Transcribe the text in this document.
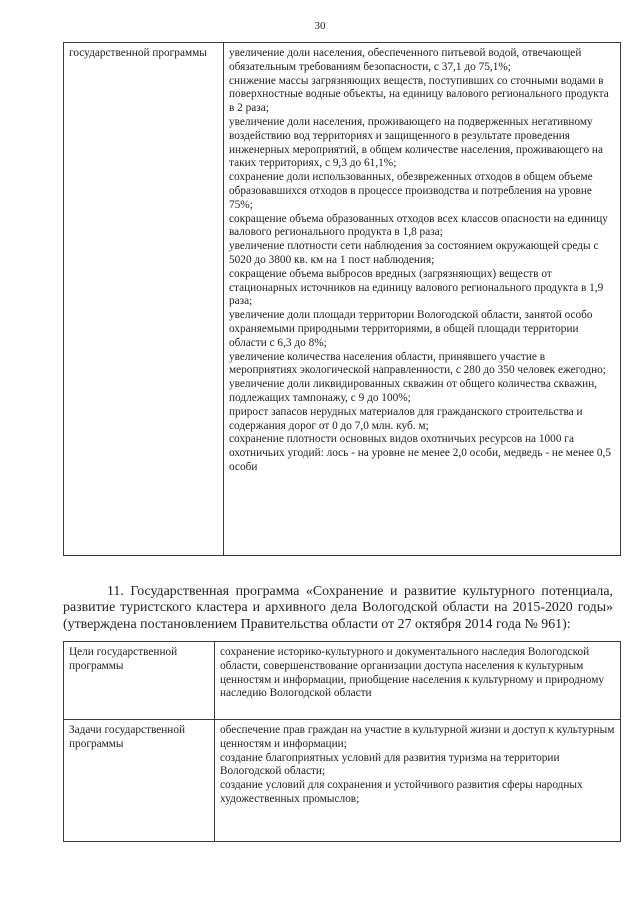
30
государственной программы	увеличение доли населения, обеспеченного питьевой водой, отвечающей обязательным требованиям безопасности, с 37,1 до 75,1%;
снижение массы загрязняющих веществ, поступивших со сточными водами в поверхностные водные объекты, на единицу валового регионального продукта в 2 раза;
увеличение доли населения, проживающего на подверженных негативному воздействию вод территориях и защищенного в результате проведения инженерных мероприятий, в общем количестве населения, проживающего на таких территориях, с 9,3 до 61,1%;
сохранение доли использованных, обезвреженных отходов в общем объеме образовавшихся отходов в процессе производства и потребления на уровне 75%;
сокращение объема образованных отходов всех классов опасности на единицу валового регионального продукта в 1,8 раза;
увеличение плотности сети наблюдения за состоянием окружающей среды с 5020 до 3800 кв. км на 1 пост наблюдения;
сокращение объема выбросов вредных (загрязняющих) веществ от стационарных источников на единицу валового регионального продукта в 1,9 раза;
увеличение доли площади территории Вологодской области, занятой особо охраняемыми природными территориями, в общей площади территории области с 6,3 до 8%;
увеличение количества населения области, принявшего участие в мероприятиях экологической направленности, с 280 до 350 человек ежегодно;
увеличение доли ликвидированных скважин от общего количества скважин, подлежащих тампонажу, с 9 до 100%;
прирост запасов нерудных материалов для гражданского строительства и содержания дорог от 0 до 7,0 млн. куб. м;
сохранение плотности основных видов охотничьих ресурсов на 1000 га охотничьих угодий: лось - на уровне не менее 2,0 особи, медведь - не менее 0,5 особи

11. Государственная программа «Сохранение и развитие культурного потенциала, развитие туристского кластера и архивного дела Вологодской области на 2015-2020 годы» (утверждена постановлением Правительства области от 27 октября 2014 года № 961):

Цели государственной программы	сохранение историко-культурного и документального наследия Вологодской области, совершенствование организации доступа населения к культурным ценностям и информации, приобщение населения к культурному и природному наследию Вологодской области

Задачи государственной программы	обеспечение прав граждан на участие в культурной жизни и доступ к культурным ценностям и информации;
создание благоприятных условий для развития туризма на территории Вологодской области;
создание условий для сохранения и устойчивого развития сферы народных художественных промыслов;
